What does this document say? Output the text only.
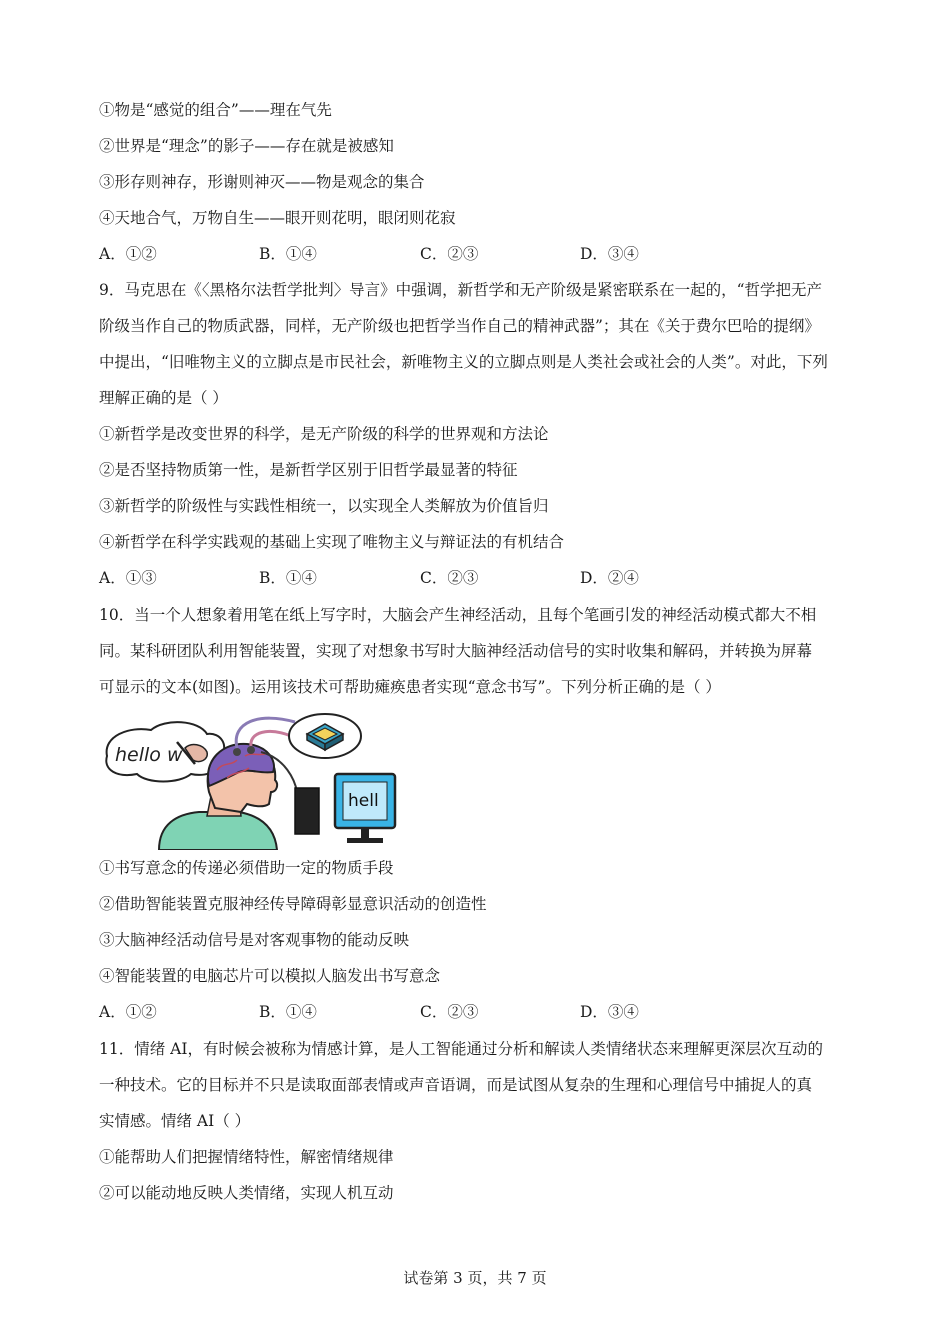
①物是“感觉的组合”——理在气先
②世界是“理念”的影子——存在就是被感知
③形存则神存，形谢则神灭——物是观念的集合
④天地合气，万物自生——眼开则花明，眼闭则花寂
A．①②	B．①④	C．②③	D．③④
9．马克思在《〈黑格尔法哲学批判〉导言》中强调，新哲学和无产阶级是紧密联系在一起的，“哲学把无产
阶级当作自己的物质武器，同样，无产阶级也把哲学当作自己的精神武器”；其在《关于费尔巴哈的提纲》
中提出，“旧唯物主义的立脚点是市民社会，新唯物主义的立脚点则是人类社会或社会的人类”。对此，下列
理解正确的是（ ）
①新哲学是改变世界的科学，是无产阶级的科学的世界观和方法论
②是否坚持物质第一性，是新哲学区别于旧哲学最显著的特征
③新哲学的阶级性与实践性相统一，以实现全人类解放为价值旨归
④新哲学在科学实践观的基础上实现了唯物主义与辩证法的有机结合
A．①③	B．①④	C．②③	D．②④
10．当一个人想象着用笔在纸上写字时，大脑会产生神经活动，且每个笔画引发的神经活动模式都大不相
同。某科研团队利用智能装置，实现了对想象书写时大脑神经活动信号的实时收集和解码，并转换为屏幕
可显示的文本(如图)。运用该技术可帮助瘫痪患者实现“意念书写”。下列分析正确的是（ ）
hello w
hell
①书写意念的传递必须借助一定的物质手段
②借助智能装置克服神经传导障碍彰显意识活动的创造性
③大脑神经活动信号是对客观事物的能动反映
④智能装置的电脑芯片可以模拟人脑发出书写意念
A．①②	B．①④	C．②③	D．③④
11．情绪 AI，有时候会被称为情感计算，是人工智能通过分析和解读人类情绪状态来理解更深层次互动的
一种技术。它的目标并不只是读取面部表情或声音语调，而是试图从复杂的生理和心理信号中捕捉人的真
实情感。情绪 AI（ ）
①能帮助人们把握情绪特性，解密情绪规律
②可以能动地反映人类情绪，实现人机互动
试卷第 3 页，共 7 页
